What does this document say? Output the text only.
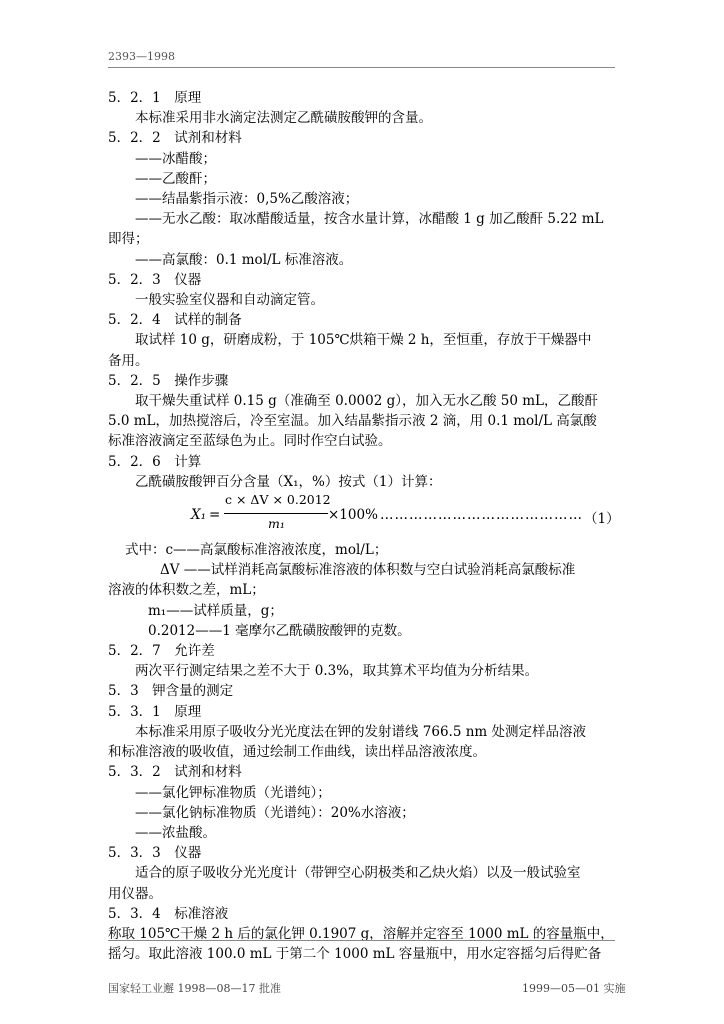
2393—1998

5．2．1　原理

本标准采用非水滴定法测定乙酰磺胺酸钾的含量。

5．2．2　试剂和材料

——冰醋酸；

——乙酸酐；

——结晶紫指示液：0,5%乙酸溶液；

——无水乙酸：取冰醋酸适量，按含水量计算，冰醋酸 1 g 加乙酸酐 5.22 mL

即得；

——高氯酸：0.1 mol/L 标准溶液。

5．2．3　仪器

一般实验室仪器和自动滴定管。

5．2．4　试样的制备

取试样 10 g，研磨成粉，于 105℃烘箱干燥 2 h，至恒重，存放于干燥器中

备用。

5．2．5　操作步骤

取干燥失重试样 0.15 g（准确至 0.0002 g），加入无水乙酸 50 mL，乙酸酐

5.0 mL，加热搅溶后，冷至室温。加入结晶紫指示液 2 滴，用 0.1 mol/L 高氯酸

标准溶液滴定至蓝绿色为止。同时作空白试验。

5．2．6　计算

乙酰磺胺酸钾百分含量（X₁，%）按式（1）计算：

X₁ =
c × ΔV × 0.2012
m₁
×100% …………………………………… （1）

式中：c——高氯酸标准溶液浓度，mol/L；

ΔV ——试样消耗高氯酸标准溶液的体积数与空白试验消耗高氯酸标准

溶液的体积数之差，mL；

m₁——试样质量，g；

0.2012——1 毫摩尔乙酰磺胺酸钾的克数。

5．2．7　允许差

两次平行测定结果之差不大于 0.3%，取其算术平均值为分析结果。

5．3　钾含量的测定

5．3．1　原理

本标准采用原子吸收分光光度法在钾的发射谱线 766.5 nm 处测定样品溶液

和标准溶液的吸收值，通过绘制工作曲线，读出样品溶液浓度。

5．3．2　试剂和材料

——氯化钾标准物质（光谱纯）；

——氯化钠标准物质（光谱纯）：20%水溶液；

——浓盐酸。

5．3．3　仪器

适合的原子吸收分光光度计（带钾空心阴极类和乙炔火焰）以及一般试验室

用仪器。

5．3．4　标准溶液

称取 105℃干燥 2 h 后的氯化钾 0.1907 g，溶解并定容至 1000 mL 的容量瓶中，

摇匀。取此溶液 100.0 mL 于第二个 1000 mL 容量瓶中，用水定容摇匀后得贮备

国家轻工业邂 1998—08—17 批准	1999—05—01 实施
